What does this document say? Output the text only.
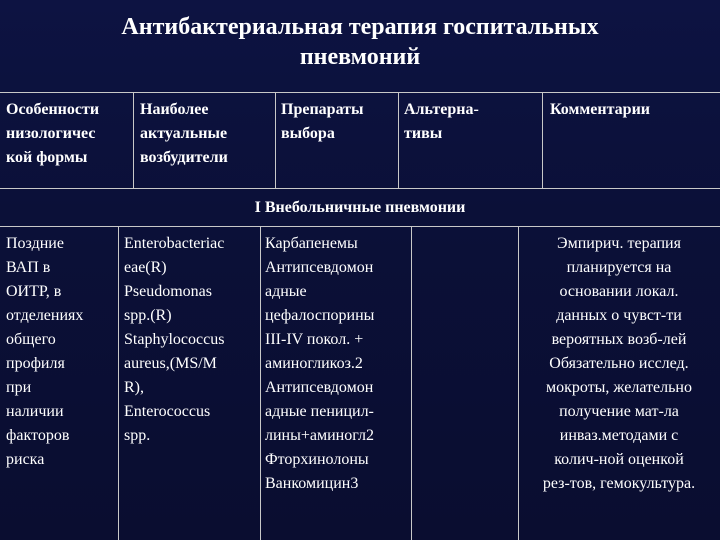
Антибактериальная терапия госпитальных
пневмоний
Особенности
низологичес
кой формы
Наиболее
актуальные
возбудители
Препараты
выбора
Альтерна-
тивы
Комментарии
I Внебольничные пневмонии
Поздние
ВАП в
ОИТР, в
отделениях
общего
профиля
при
наличии
факторов
риска
Enterobacteriac
eae(R)
Pseudomonas
spp.(R)
Staphylococcus
aureus,(MS/M
R),
Enterococcus
spp.
Карбапенемы
Антипсевдомон
адные
цефалоспорины
III-IV покол. +
аминогликоз.2
Антипсевдомон
адные пеницил-
лины+аминогл2
Фторхинолоны
Ванкомицин3
Эмпирич. терапия
планируется на
основании локал.
данных о чувст-ти
вероятных возб-лей
Обязательно исслед.
мокроты, желательно
получение мат-ла
инваз.методами с
колич-ной оценкой
рез-тов, гемокультура.
